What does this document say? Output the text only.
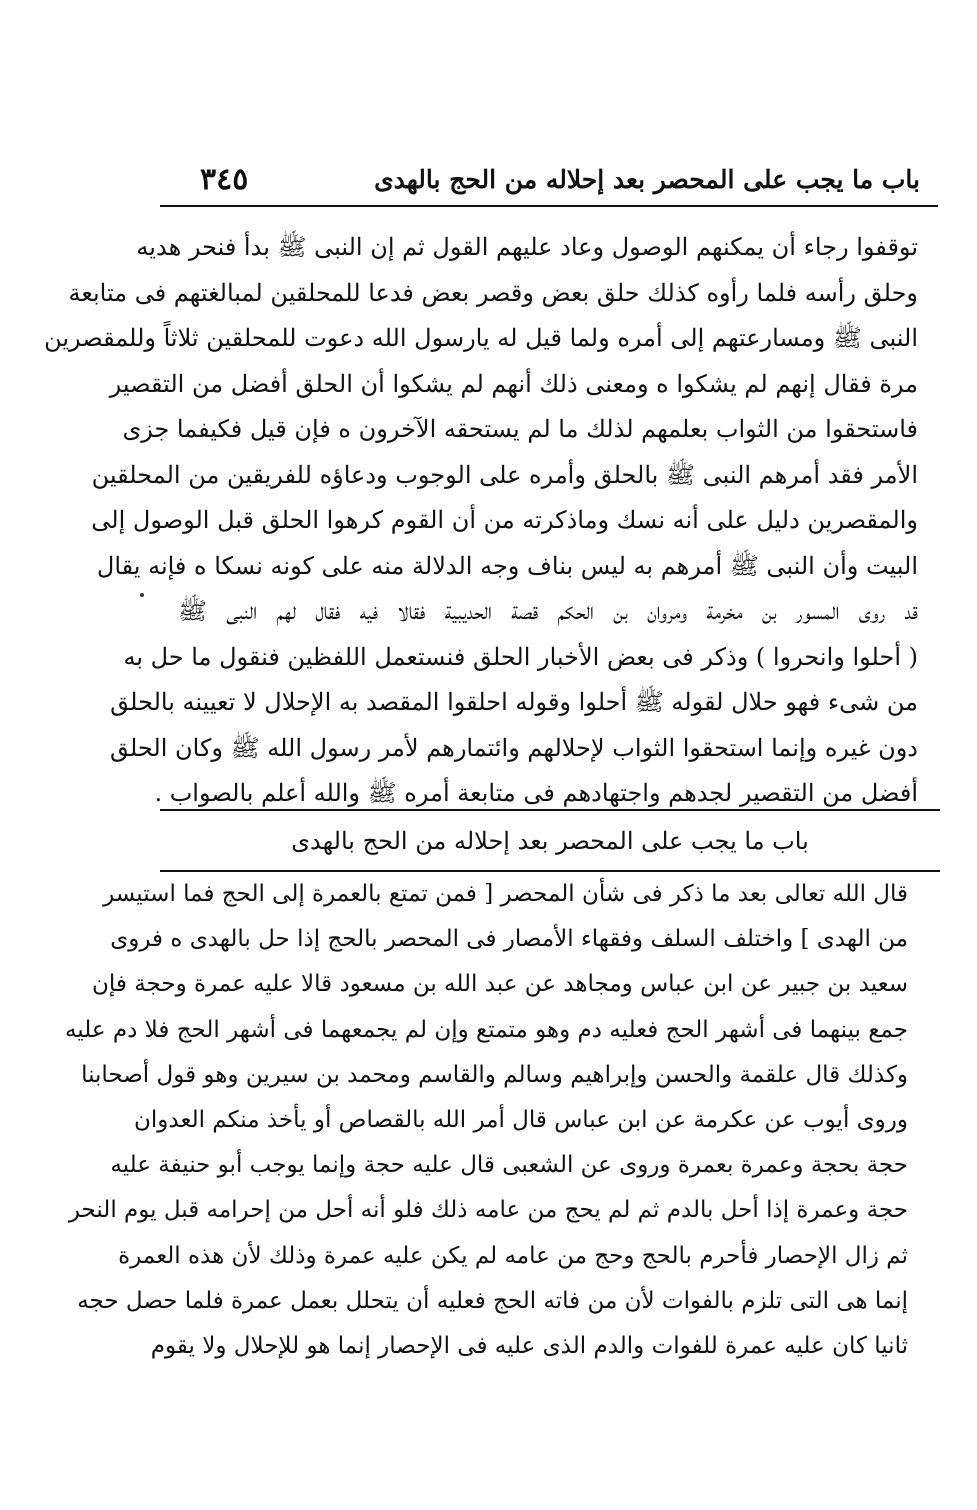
باب ما يجب على المحصر بعد إحلاله من الحج بالهدى
٣٤٥
توقفوا رجاء أن يمكنهم الوصول وعاد عليهم القول ثم إن النبى ﷺ بدأ فنحر هديه
وحلق رأسه فلما رأوه كذلك حلق بعض وقصر بعض فدعا للمحلقين لمبالغتهم فى متابعة
النبى ﷺ ومسارعتهم إلى أمره ولما قيل له يارسول الله دعوت للمحلقين ثلاثاً وللمقصرين
مرة فقال إنهم لم يشكوا ه ومعنى ذلك أنهم لم يشكوا أن الحلق أفضل من التقصير
فاستحقوا من الثواب بعلمهم لذلك ما لم يستحقه الآخرون ه فإن قيل فكيفما جزى
الأمر فقد أمرهم النبى ﷺ بالحلق وأمره على الوجوب ودعاؤه للفريقين من المحلقين
والمقصرين دليل على أنه نسك وماذكرته من أن القوم كرهوا الحلق قبل الوصول إلى
البيت وأن النبى ﷺ أمرهم به ليس بناف وجه الدلالة منه على كونه نسكا ه فإنه يقال
قد روى المسور بن مخرمة ومروان بن الحكم قصة الحديبية فقالا فيه فقال لهم النبى ﷺ
( أحلوا وانحروا ) وذكر فى بعض الأخبار الحلق فنستعمل اللفظين فنقول ما حل به
من شىء فهو حلال لقوله ﷺ أحلوا وقوله احلقوا المقصد به الإحلال لا تعيينه بالحلق
دون غيره وإنما استحقوا الثواب لإحلالهم وائتمارهم لأمر رسول الله ﷺ وكان الحلق
أفضل من التقصير لجدهم واجتهادهم فى متابعة أمره ﷺ والله أعلم بالصواب .
باب ما يجب على المحصر بعد إحلاله من الحج بالهدى
قال الله تعالى بعد ما ذكر فى شأن المحصر [ فمن تمتع بالعمرة إلى الحج فما استيسر
من الهدى ] واختلف السلف وفقهاء الأمصار فى المحصر بالحج إذا حل بالهدى ه فروى
سعيد بن جبير عن ابن عباس ومجاهد عن عبد الله بن مسعود قالا عليه عمرة وحجة فإن
جمع بينهما فى أشهر الحج فعليه دم وهو متمتع وإن لم يجمعهما فى أشهر الحج فلا دم عليه
وكذلك قال علقمة والحسن وإبراهيم وسالم والقاسم ومحمد بن سيرين وهو قول أصحابنا
وروى أيوب عن عكرمة عن ابن عباس قال أمر الله بالقصاص أو يأخذ منكم العدوان
حجة بحجة وعمرة بعمرة وروى عن الشعبى قال عليه حجة وإنما يوجب أبو حنيفة عليه
حجة وعمرة إذا أحل بالدم ثم لم يحج من عامه ذلك فلو أنه أحل من إحرامه قبل يوم النحر
ثم زال الإحصار فأحرم بالحج وحج من عامه لم يكن عليه عمرة وذلك لأن هذه العمرة
إنما هى التى تلزم بالفوات لأن من فاته الحج فعليه أن يتحلل بعمل عمرة فلما حصل حجه
ثانيا كان عليه عمرة للفوات والدم الذى عليه فى الإحصار إنما هو للإحلال ولا يقوم
